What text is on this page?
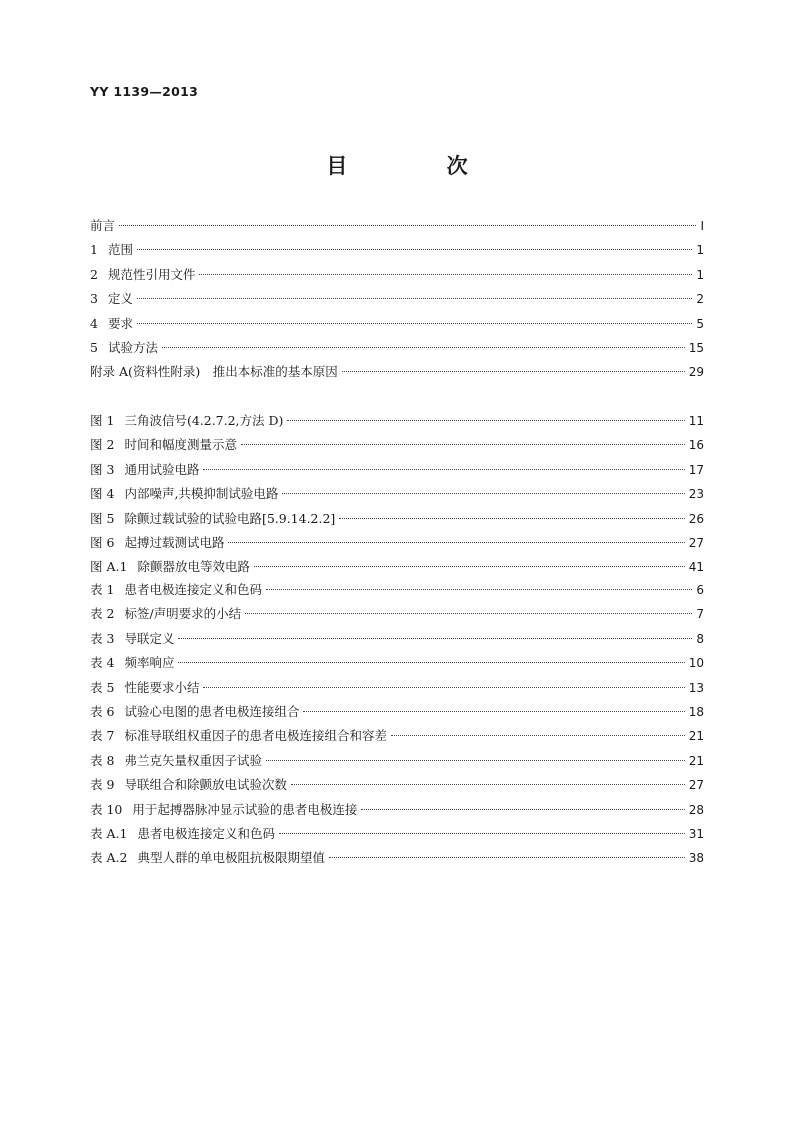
YY 1139—2013
目 次
前言	Ⅰ
1 范围	1
2 规范性引用文件	1
3 定义	2
4 要求	5
5 试验方法	15
附录 A (资料性附录)　推出本标准的基本原因	29
图 1 三角波信号(4.2.7.2,方法 D)	11
图 2 时间和幅度测量示意	16
图 3 通用试验电路	17
图 4 内部噪声,共模抑制试验电路	23
图 5 除颤过载试验的试验电路[5.9.14.2.2]	26
图 6 起搏过载测试电路	27
图 A.1 除颤器放电等效电路	41
表 1 患者电极连接定义和色码	6
表 2 标签/声明要求的小结	7
表 3 导联定义	8
表 4 频率响应	10
表 5 性能要求小结	13
表 6 试验心电图的患者电极连接组合	18
表 7 标准导联组权重因子的患者电极连接组合和容差	21
表 8 弗兰克矢量权重因子试验	21
表 9 导联组合和除颤放电试验次数	27
表 10 用于起搏器脉冲显示试验的患者电极连接	28
表 A.1 患者电极连接定义和色码	31
表 A.2 典型人群的单电极阻抗极限期望值	38
